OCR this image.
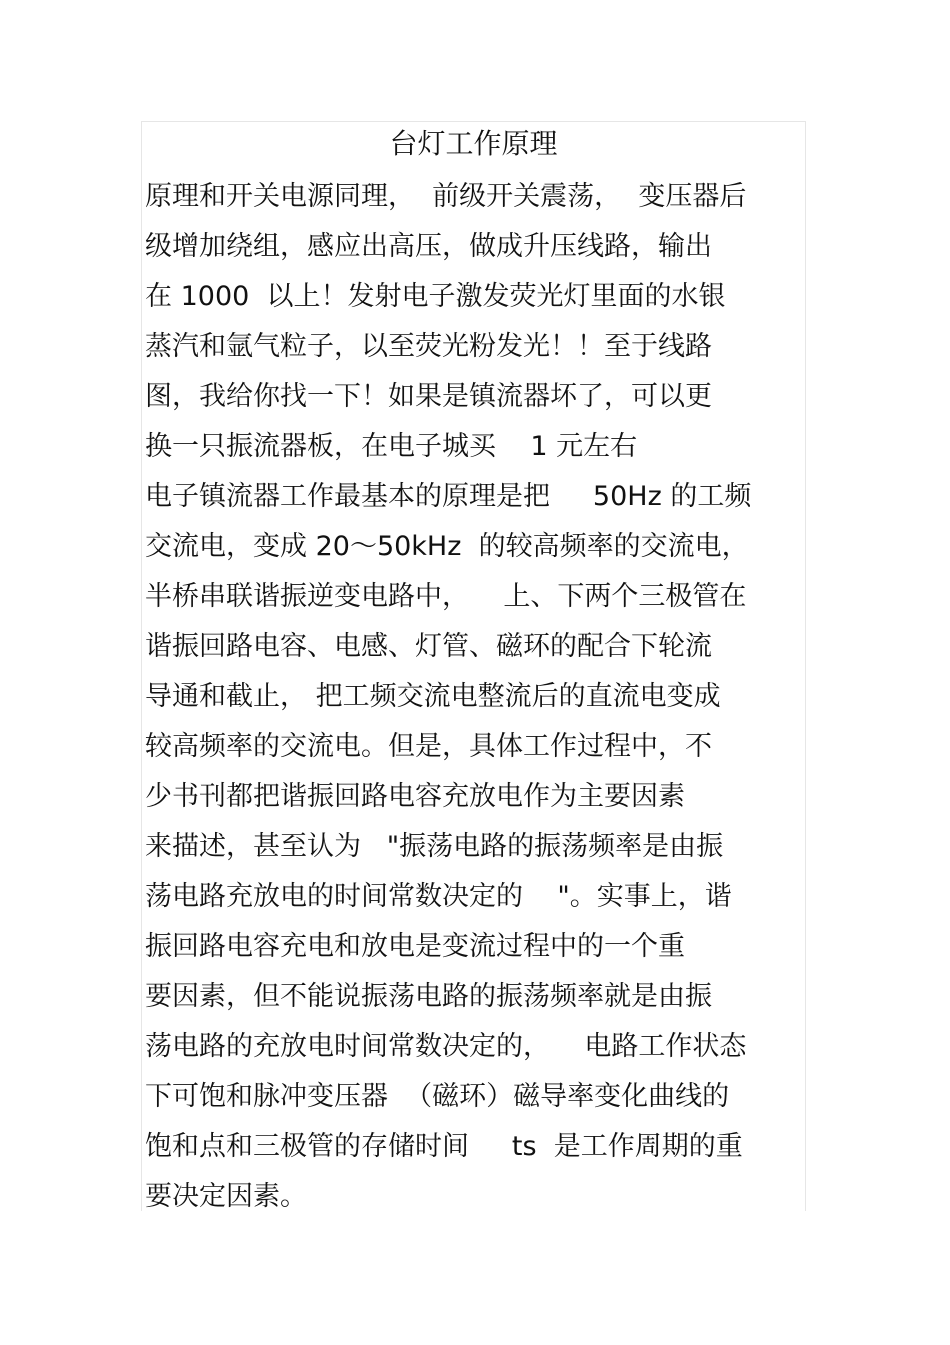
台灯工作原理
原理和开关电源同理，  前级开关震荡，  变压器后
级增加绕组，感应出高压，做成升压线路，输出
在 1000  以上！发射电子激发荧光灯里面的水银
蒸汽和氩气粒子，以至荧光粉发光！！至于线路
图，我给你找一下！如果是镇流器坏了，可以更
换一只振流器板，在电子城买    1 元左右
电子镇流器工作最基本的原理是把     50Hz 的工频
交流电，变成 20～50kHz  的较高频率的交流电，
半桥串联谐振逆变电路中，    上、下两个三极管在
谐振回路电容、电感、灯管、磁环的配合下轮流
导通和截止， 把工频交流电整流后的直流电变成
较高频率的交流电。但是，具体工作过程中，不
少书刊都把谐振回路电容充放电作为主要因素
来描述，甚至认为   "振荡电路的振荡频率是由振
荡电路充放电的时间常数决定的    "。实事上，谐
振回路电容充电和放电是变流过程中的一个重
要因素，但不能说振荡电路的振荡频率就是由振
荡电路的充放电时间常数决定的，    电路工作状态
下可饱和脉冲变压器  （磁环）磁导率变化曲线的
饱和点和三极管的存储时间     ts  是工作周期的重
要决定因素。
